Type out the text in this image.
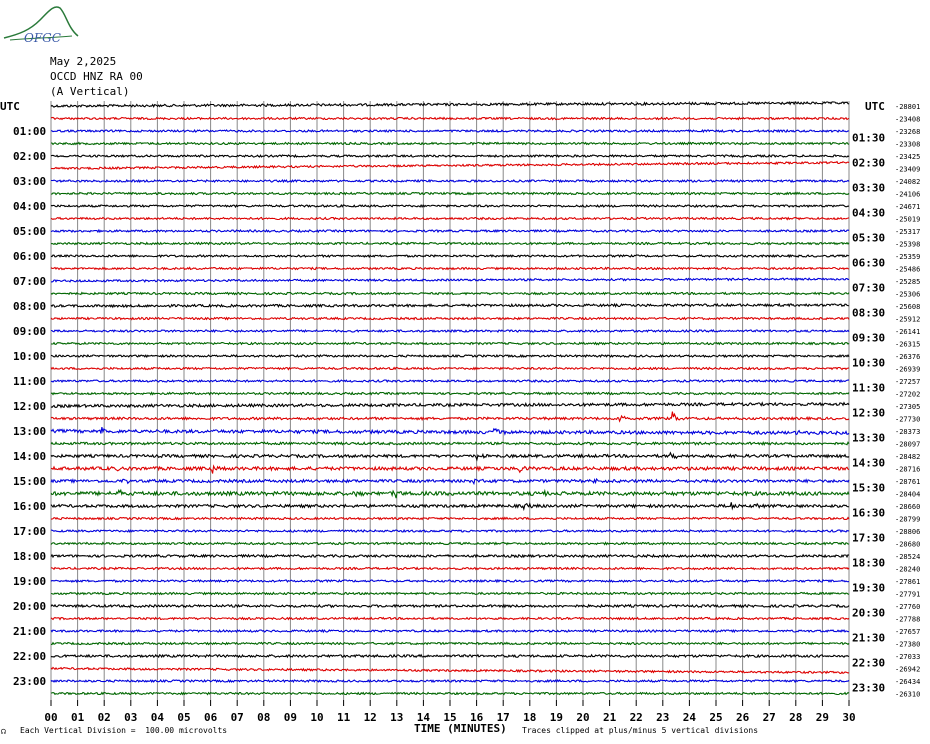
OFGC
May 2,2025
OCCD HNZ RA 00
(A Vertical)
UTC	UTC
01:00
02:00
03:00
04:00
05:00
06:00
07:00
08:00
09:00
10:00
11:00
12:00
13:00
14:00
15:00
16:00
17:00
18:00
19:00
20:00
21:00
22:00
23:00
01:30
02:30
03:30
04:30
05:30
06:30
07:30
08:30
09:30
10:30
11:30
12:30
13:30
14:30
15:30
16:30
17:30
18:30
19:30
20:30
21:30
22:30
23:30
-28801
-23408
-23268
-23308
-23425
-23409
-24082
-24106
-24671
-25019
-25317
-25398
-25359
-25486
-25285
-25306
-25608
-25912
-26141
-26315
-26376
-26939
-27257
-27202
-27305
-27730
-28373
-28097
-28482
-28716
-28761
-28404
-28660
-28799
-28806
-28680
-28524
-28240
-27861
-27791
-27760
-27788
-27657
-27380
-27033
-26942
-26434
-26310
00 01 02 03 04 05 06 07 08 09 10 11 12 13 14 15 16 17 18 19 20 21 22 23 24 25 26 27 28 29 30
☊ Each Vertical Division =  100.00 microvolts	TIME (MINUTES) Traces clipped at plus/minus 5 vertical divisions
